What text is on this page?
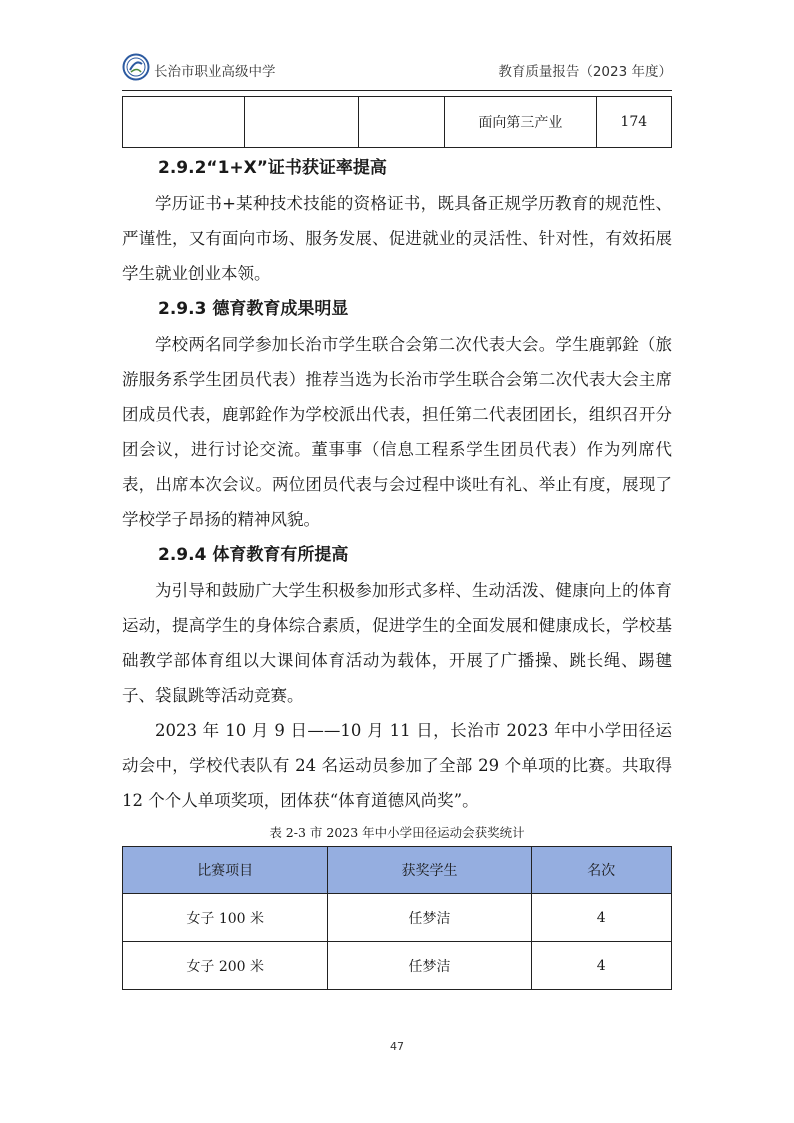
长治市职业高级中学	教育质量报告（2023 年度）
			面向第三产业	174
2.9.2“1+X”证书获证率提高

学历证书+某种技术技能的资格证书，既具备正规学历教育的规范性、严谨性，又有面向市场、服务发展、促进就业的灵活性、针对性，有效拓展学生就业创业本领。

2.9.3 德育教育成果明显

学校两名同学参加长治市学生联合会第二次代表大会。学生鹿郭銓（旅游服务系学生团员代表）推荐当选为长治市学生联合会第二次代表大会主席团成员代表，鹿郭銓作为学校派出代表，担任第二代表团团长，组织召开分团会议，进行讨论交流。董事事（信息工程系学生团员代表）作为列席代表，出席本次会议。两位团员代表与会过程中谈吐有礼、举止有度，展现了学校学子昂扬的精神风貌。

2.9.4 体育教育有所提高

为引导和鼓励广大学生积极参加形式多样、生动活泼、健康向上的体育运动，提高学生的身体综合素质，促进学生的全面发展和健康成长，学校基础教学部体育组以大课间体育活动为载体，开展了广播操、跳长绳、踢毽子、袋鼠跳等活动竞赛。

2023 年 10 月 9 日——10 月 11 日，长治市 2023 年中小学田径运动会中，学校代表队有 24 名运动员参加了全部 29 个单项的比赛。共取得 12 个个人单项奖项，团体获“体育道德风尚奖”。

表 2-3 市 2023 年中小学田径运动会获奖统计
比赛项目	获奖学生	名次
女子 100 米	任梦洁	4
女子 200 米	任梦洁	4
47
